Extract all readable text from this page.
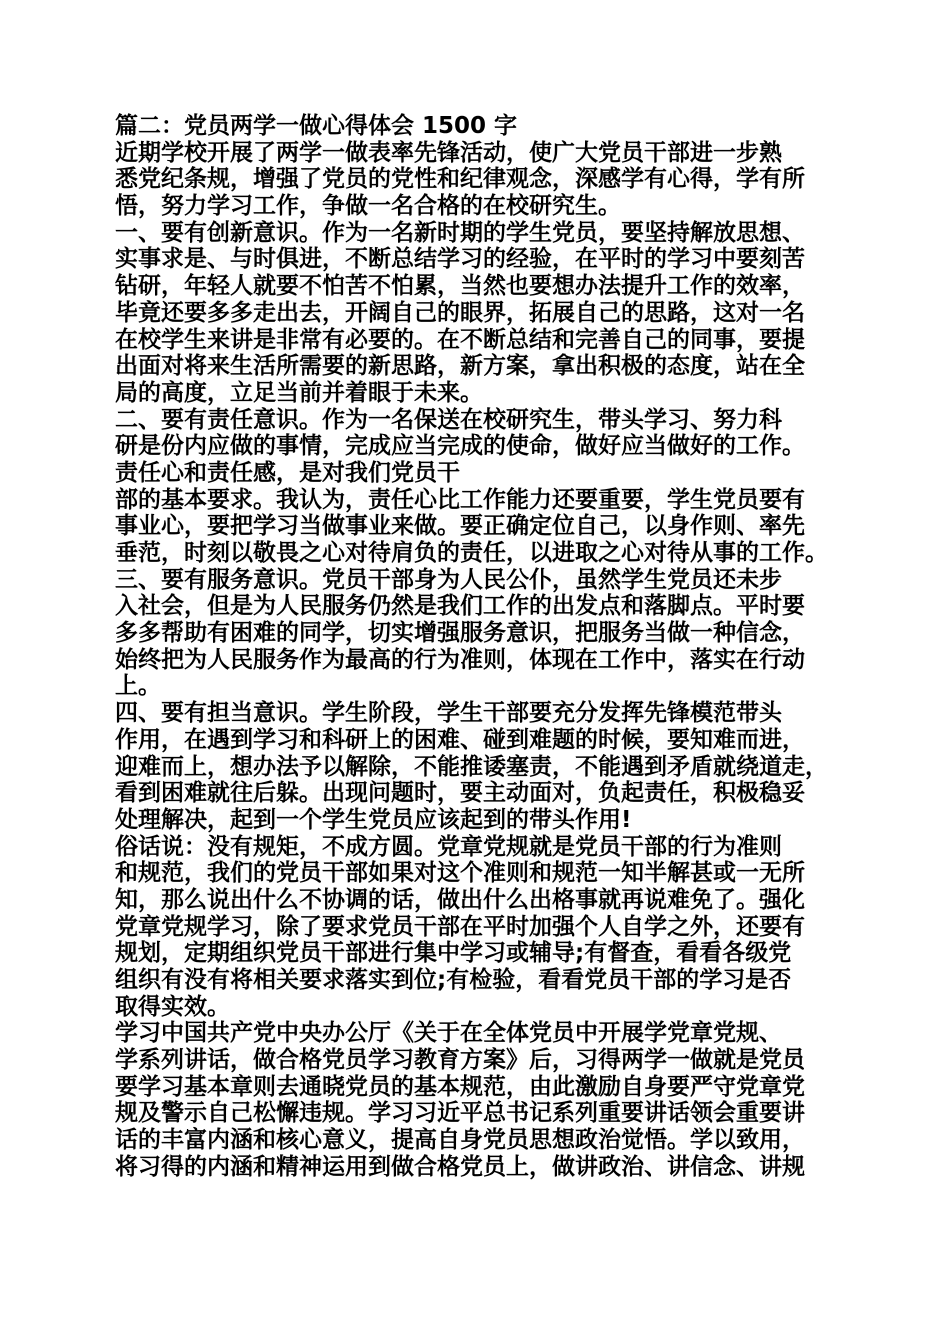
篇二：党员两学一做心得体会 1500 字
近期学校开展了两学一做表率先锋活动，使广大党员干部进一步熟
悉党纪条规，增强了党员的党性和纪律观念，深感学有心得，学有所
悟，努力学习工作，争做一名合格的在校研究生。
一、要有创新意识。作为一名新时期的学生党员，要坚持解放思想、
实事求是、与时俱进，不断总结学习的经验，在平时的学习中要刻苦
钻研，年轻人就要不怕苦不怕累，当然也要想办法提升工作的效率，
毕竟还要多多走出去，开阔自己的眼界，拓展自己的思路，这对一名
在校学生来讲是非常有必要的。在不断总结和完善自己的同事，要提
出面对将来生活所需要的新思路，新方案，拿出积极的态度，站在全
局的高度，立足当前并着眼于未来。
二、要有责任意识。作为一名保送在校研究生，带头学习、努力科
研是份内应做的事情，完成应当完成的使命，做好应当做好的工作。
责任心和责任感，是对我们党员干
部的基本要求。我认为，责任心比工作能力还要重要，学生党员要有
事业心，要把学习当做事业来做。要正确定位自己，以身作则、率先
垂范，时刻以敬畏之心对待肩负的责任，以进取之心对待从事的工作。
三、要有服务意识。党员干部身为人民公仆，虽然学生党员还未步
入社会，但是为人民服务仍然是我们工作的出发点和落脚点。平时要
多多帮助有困难的同学，切实增强服务意识，把服务当做一种信念，
始终把为人民服务作为最高的行为准则，体现在工作中，落实在行动
上。
四、要有担当意识。学生阶段，学生干部要充分发挥先锋模范带头
作用，在遇到学习和科研上的困难、碰到难题的时候，要知难而进，
迎难而上，想办法予以解除，不能推诿塞责，不能遇到矛盾就绕道走，
看到困难就往后躲。出现问题时，要主动面对，负起责任，积极稳妥
处理解决，起到一个学生党员应该起到的带头作用!
俗话说：没有规矩，不成方圆。党章党规就是党员干部的行为准则
和规范，我们的党员干部如果对这个准则和规范一知半解甚或一无所
知，那么说出什么不协调的话，做出什么出格事就再说难免了。强化
党章党规学习，除了要求党员干部在平时加强个人自学之外，还要有
规划，定期组织党员干部进行集中学习或辅导;有督查，看看各级党
组织有没有将相关要求落实到位;有检验，看看党员干部的学习是否
取得实效。
学习中国共产党中央办公厅《关于在全体党员中开展学党章党规、
学系列讲话，做合格党员学习教育方案》后，习得两学一做就是党员
要学习基本章则去通晓党员的基本规范，由此激励自身要严守党章党
规及警示自己松懈违规。学习习近平总书记系列重要讲话领会重要讲
话的丰富内涵和核心意义，提高自身党员思想政治觉悟。学以致用，
将习得的内涵和精神运用到做合格党员上，做讲政治、讲信念、讲规
